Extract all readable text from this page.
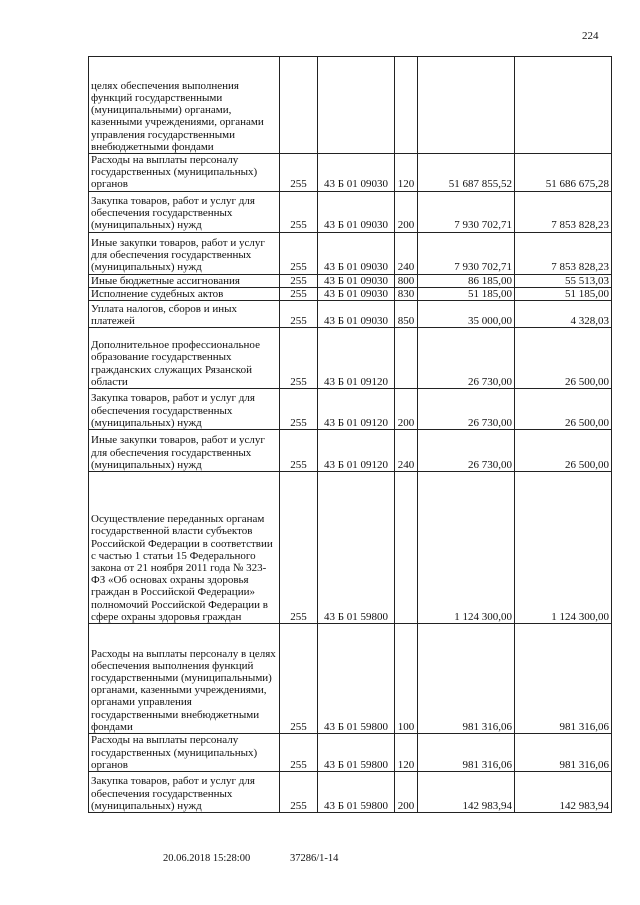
224
целях обеспечения выполнения функций государственными (муниципальными) органами, казенными учреждениями, органами управления государственными внебюджетными фондами					
Расходы на выплаты персоналу государственных (муниципальных) органов	255	43 Б 01 09030	120	51 687 855,52	51 686 675,28
Закупка товаров, работ и услуг для обеспечения государственных (муниципальных) нужд	255	43 Б 01 09030	200	7 930 702,71	7 853 828,23
Иные закупки товаров, работ и услуг для обеспечения государственных (муниципальных) нужд	255	43 Б 01 09030	240	7 930 702,71	7 853 828,23
Иные бюджетные ассигнования	255	43 Б 01 09030	800	86 185,00	55 513,03
Исполнение судебных актов	255	43 Б 01 09030	830	51 185,00	51 185,00
Уплата налогов, сборов и иных платежей	255	43 Б 01 09030	850	35 000,00	4 328,03
Дополнительное профессиональное образование государственных гражданских служащих Рязанской области	255	43 Б 01 09120		26 730,00	26 500,00
Закупка товаров, работ и услуг для обеспечения государственных (муниципальных) нужд	255	43 Б 01 09120	200	26 730,00	26 500,00
Иные закупки товаров, работ и услуг для обеспечения государственных (муниципальных) нужд	255	43 Б 01 09120	240	26 730,00	26 500,00
Осуществление переданных органам государственной власти субъектов Российской Федерации в соответствии с частью 1 статьи 15 Федерального закона от 21 ноября 2011 года № 323-ФЗ «Об основах охраны здоровья граждан в Российской Федерации» полномочий Российской Федерации в сфере охраны здоровья граждан	255	43 Б 01 59800		1 124 300,00	1 124 300,00
Расходы на выплаты персоналу в целях обеспечения выполнения функций государственными (муниципальными) органами, казенными учреждениями, органами управления государственными внебюджетными фондами	255	43 Б 01 59800	100	981 316,06	981 316,06
Расходы на выплаты персоналу государственных (муниципальных) органов	255	43 Б 01 59800	120	981 316,06	981 316,06
Закупка товаров, работ и услуг для обеспечения государственных (муниципальных) нужд	255	43 Б 01 59800	200	142 983,94	142 983,94
20.06.2018 15:28:00	37286/1-14
